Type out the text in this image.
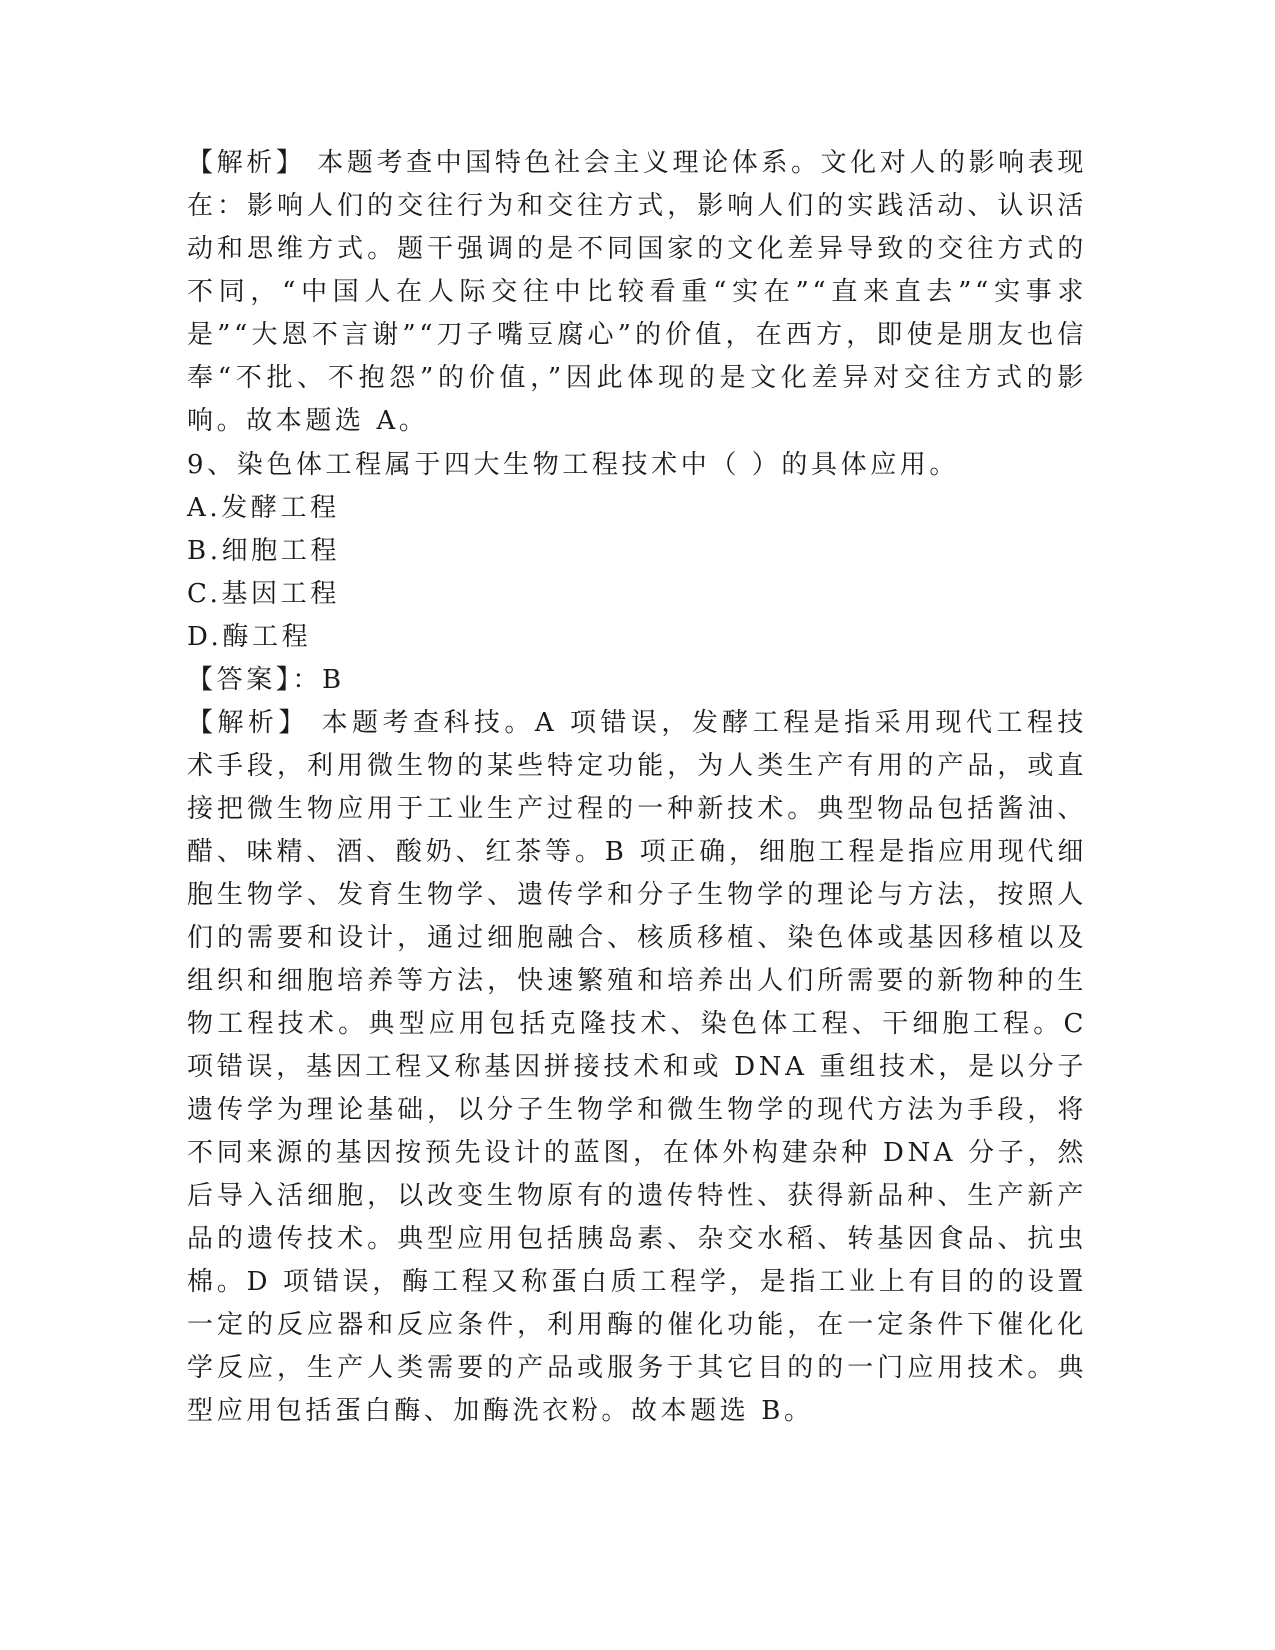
【解析】 本题考查中国特色社会主义理论体系。文化对人的影响表现在：影响人们的交往行为和交往方式，影响人们的实践活动、认识活动和思维方式。题干强调的是不同国家的文化差异导致的交往方式的不同，“中国人在人际交往中比较看重“实在”“直来直去”“实事求是”“大恩不言谢”“刀子嘴豆腐心”的价值，在西方，即使是朋友也信奉“不批、不抱怨”的价值，”因此体现的是文化差异对交往方式的影响。故本题选 A。

9、染色体工程属于四大生物工程技术中（ ）的具体应用。

A.发酵工程

B.细胞工程

C.基因工程

D.酶工程

【答案】：B

【解析】 本题考查科技。A 项错误，发酵工程是指采用现代工程技术手段，利用微生物的某些特定功能，为人类生产有用的产品，或直接把微生物应用于工业生产过程的一种新技术。典型物品包括酱油、醋、味精、酒、酸奶、红茶等。B 项正确，细胞工程是指应用现代细胞生物学、发育生物学、遗传学和分子生物学的理论与方法，按照人们的需要和设计，通过细胞融合、核质移植、染色体或基因移植以及组织和细胞培养等方法，快速繁殖和培养出人们所需要的新物种的生物工程技术。典型应用包括克隆技术、染色体工程、干细胞工程。C 项错误，基因工程又称基因拼接技术和或 DNA 重组技术，是以分子遗传学为理论基础，以分子生物学和微生物学的现代方法为手段，将不同来源的基因按预先设计的蓝图，在体外构建杂种 DNA 分子，然后导入活细胞，以改变生物原有的遗传特性、获得新品种、生产新产品的遗传技术。典型应用包括胰岛素、杂交水稻、转基因食品、抗虫棉。D 项错误，酶工程又称蛋白质工程学，是指工业上有目的的设置一定的反应器和反应条件，利用酶的催化功能，在一定条件下催化化学反应，生产人类需要的产品或服务于其它目的的一门应用技术。典型应用包括蛋白酶、加酶洗衣粉。故本题选 B。
